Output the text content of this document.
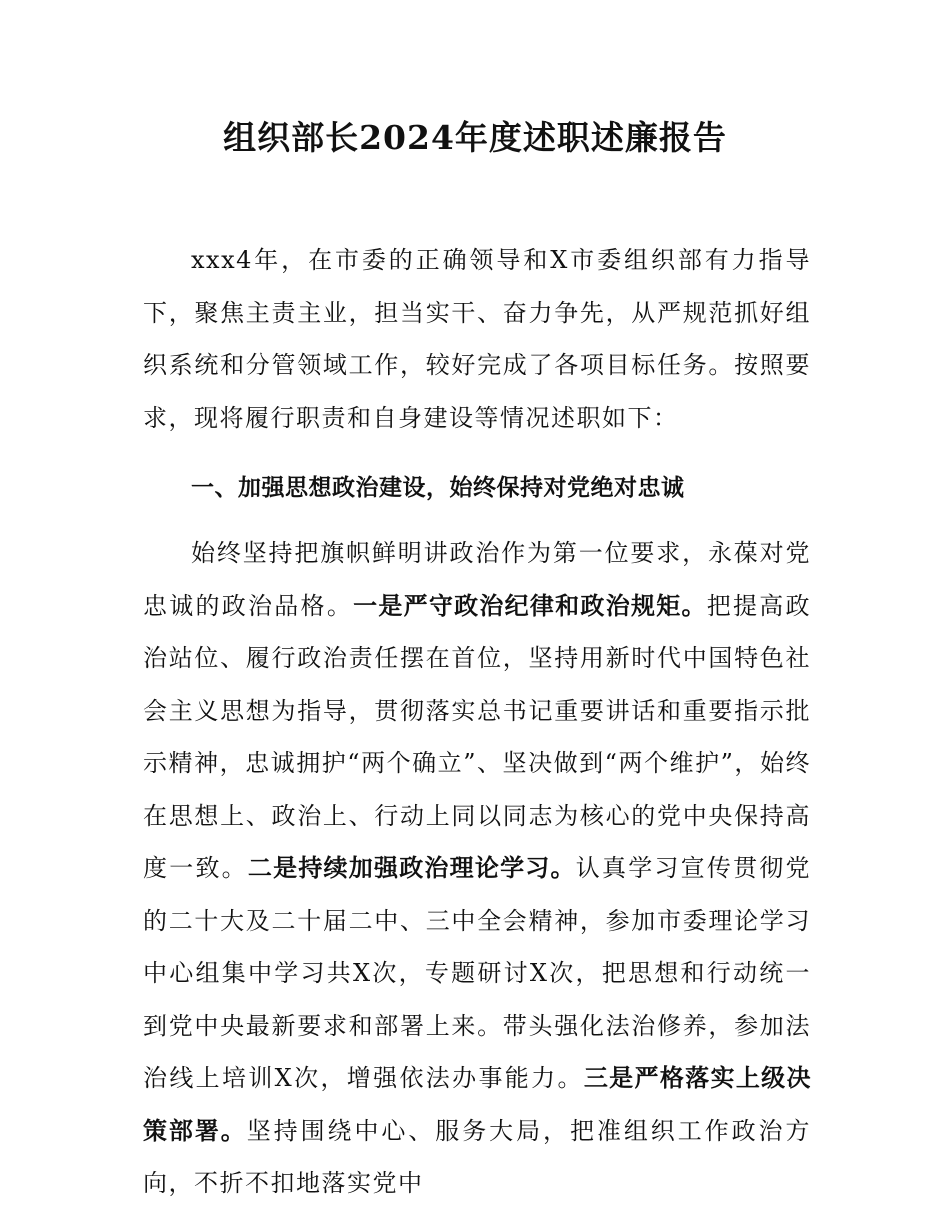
组织部长2024年度述职述廉报告

xxx4年，在市委的正确领导和X市委组织部有力指导下，聚焦主责主业，担当实干、奋力争先，从严规范抓好组织系统和分管领域工作，较好完成了各项目标任务。按照要求，现将履行职责和自身建设等情况述职如下：

一、加强思想政治建设，始终保持对党绝对忠诚

始终坚持把旗帜鲜明讲政治作为第一位要求，永葆对党忠诚的政治品格。一是严守政治纪律和政治规矩。把提高政治站位、履行政治责任摆在首位，坚持用新时代中国特色社会主义思想为指导，贯彻落实总书记重要讲话和重要指示批示精神，忠诚拥护“两个确立”、坚决做到“两个维护”，始终在思想上、政治上、行动上同以同志为核心的党中央保持高度一致。二是持续加强政治理论学习。认真学习宣传贯彻党的二十大及二十届二中、三中全会精神，参加市委理论学习中心组集中学习共X次，专题研讨X次，把思想和行动统一到党中央最新要求和部署上来。带头强化法治修养，参加法治线上培训X次，增强依法办事能力。三是严格落实上级决策部署。坚持围绕中心、服务大局，把准组织工作政治方向，不折不扣地落实党中
